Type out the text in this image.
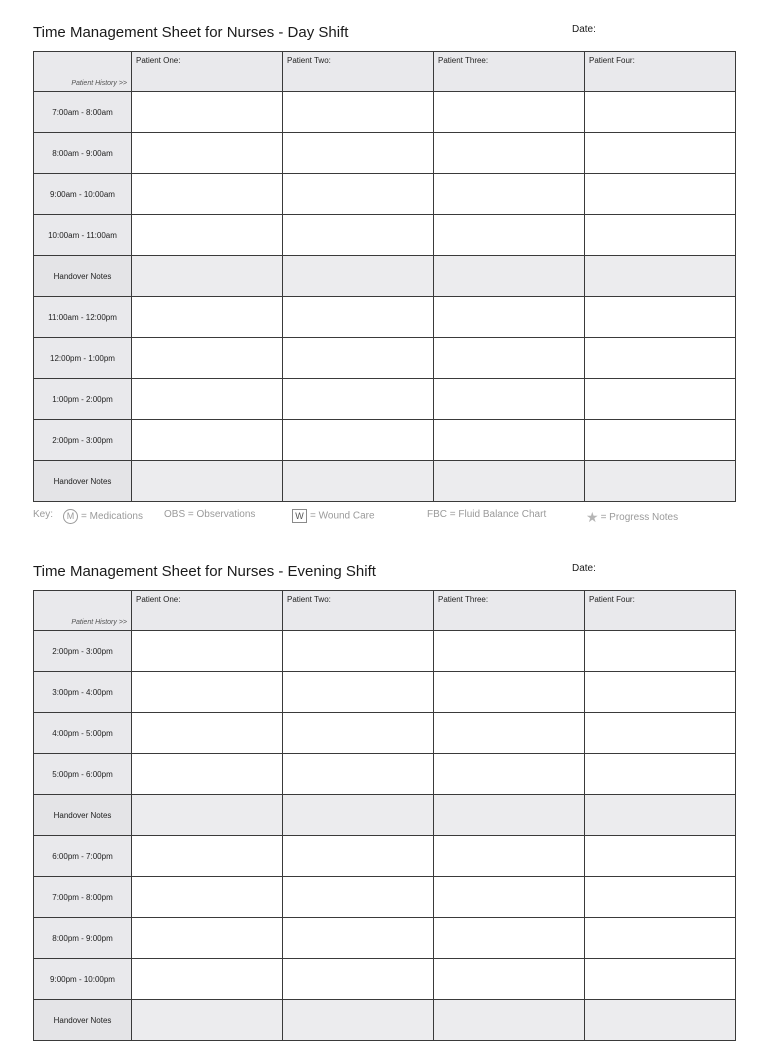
Time Management Sheet for Nurses - Day Shift	Date:
Patient History >>	Patient One:	Patient Two:	Patient Three:	Patient Four:
7:00am - 8:00am				
8:00am - 9:00am				
9:00am - 10:00am				
10:00am - 11:00am				
Handover Notes				
11:00am - 12:00pm				
12:00pm - 1:00pm				
1:00pm - 2:00pm				
2:00pm - 3:00pm				
Handover Notes				
Key:	M = Medications OBS = Observations	W = Wound Care	FBC = Fluid Balance Chart	★ = Progress Notes
Time Management Sheet for Nurses - Evening Shift	Date:
Patient History >>	Patient One:	Patient Two:	Patient Three:	Patient Four:
2:00pm - 3:00pm				
3:00pm - 4:00pm				
4:00pm - 5:00pm				
5:00pm - 6:00pm				
Handover Notes				
6:00pm - 7:00pm				
7:00pm - 8:00pm				
8:00pm - 9:00pm				
9:00pm - 10:00pm				
Handover Notes				
